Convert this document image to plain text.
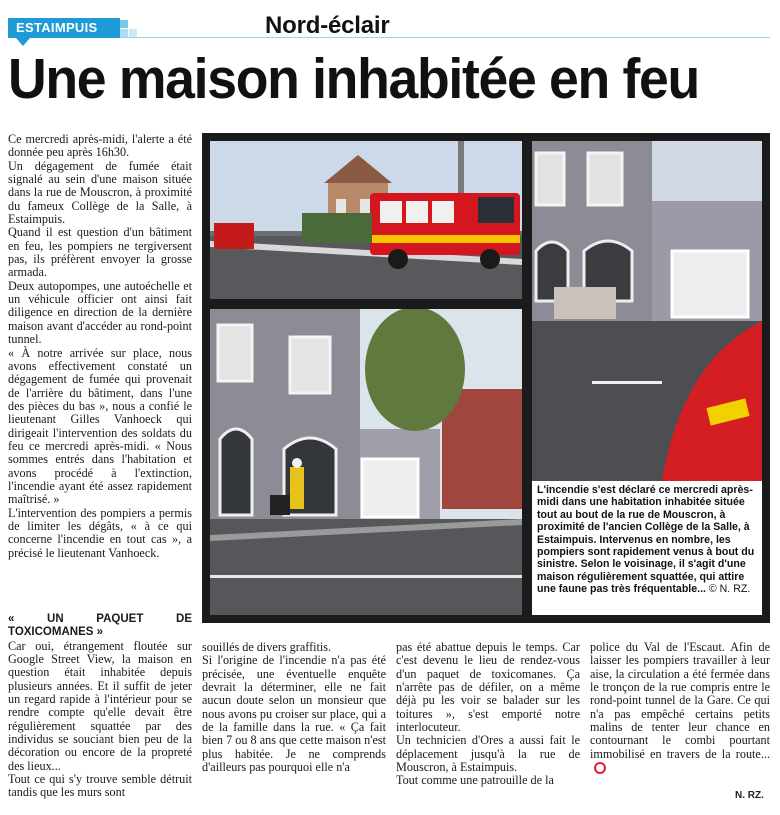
ESTAIMPUIS	Nord-éclair
Une maison inhabitée en feu

Ce mercredi après-midi, l'alerte a été donnée peu après 16h30.

Un dégagement de fumée était signalé au sein d'une maison située dans la rue de Mouscron, à proximité du fameux Collège de la Salle, à Estaimpuis.

Quand il est question d'un bâtiment en feu, les pompiers ne tergiversent pas, ils préfèrent envoyer la grosse armada.

Deux autopompes, une autoéchelle et un véhicule officier ont ainsi fait diligence en direction de la dernière maison avant d'accéder au rond-point tunnel.

« À notre arrivée sur place, nous avons effectivement constaté un dégagement de fumée qui provenait de l'arrière du bâtiment, dans l'une des pièces du bas », nous a confié le lieutenant Gilles Vanhoeck qui dirigeait l'intervention des soldats du feu ce mercredi après-midi. « Nous sommes entrés dans l'habitation et avons procédé à l'extinction, l'incendie ayant été assez rapidement maîtrisé. »

L'intervention des pompiers a permis de limiter les dégâts, « à ce qui concerne l'incendie en tout cas », a précisé le lieutenant Vanhoeck.

L'incendie s'est déclaré ce mercredi après-midi dans une habitation inhabitée située tout au bout de la rue de Mouscron, à proximité de l'ancien Collège de la Salle, à Estaimpuis. Intervenus en nombre, les pompiers sont rapidement venus à bout du sinistre. Selon le voisinage, il s'agit d'une maison régulièrement squattée, qui attire une faune pas très fréquentable... © N. RZ.

« UN PAQUET DE TOXICOMANES »

Car oui, étrangement floutée sur Google Street View, la maison en question était inhabitée depuis plusieurs années. Et il suffit de jeter un regard rapide à l'intérieur pour se rendre compte qu'elle devait être régulièrement squattée par des individus se souciant bien peu de la décoration ou encore de la propreté des lieux...

Tout ce qui s'y trouve semble détruit tandis que les murs sont

souillés de divers graffitis.

Si l'origine de l'incendie n'a pas été précisée, une éventuelle enquête devrait la déterminer, elle ne fait aucun doute selon un monsieur que nous avons pu croiser sur place, qui a de la famille dans la rue. « Ça fait bien 7 ou 8 ans que cette maison n'est plus habitée. Je ne comprends d'ailleurs pas pourquoi elle n'a

pas été abattue depuis le temps. Car c'est devenu le lieu de rendez-vous d'un paquet de toxicomanes. Ça n'arrête pas de défiler, on a même déjà pu les voir se balader sur les toitures », s'est emporté notre interlocuteur.

Un technicien d'Ores a aussi fait le déplacement jusqu'à la rue de Mouscron, à Estaimpuis.

Tout comme une patrouille de la

police du Val de l'Escaut. Afin de laisser les pompiers travailler à leur aise, la circulation a été fermée dans le tronçon de la rue compris entre le rond-point tunnel de la Gare. Ce qui n'a pas empêché certains petits malins de tenter leur chance en contournant le combi pourtant immobilisé en travers de la route...

N. RZ.
